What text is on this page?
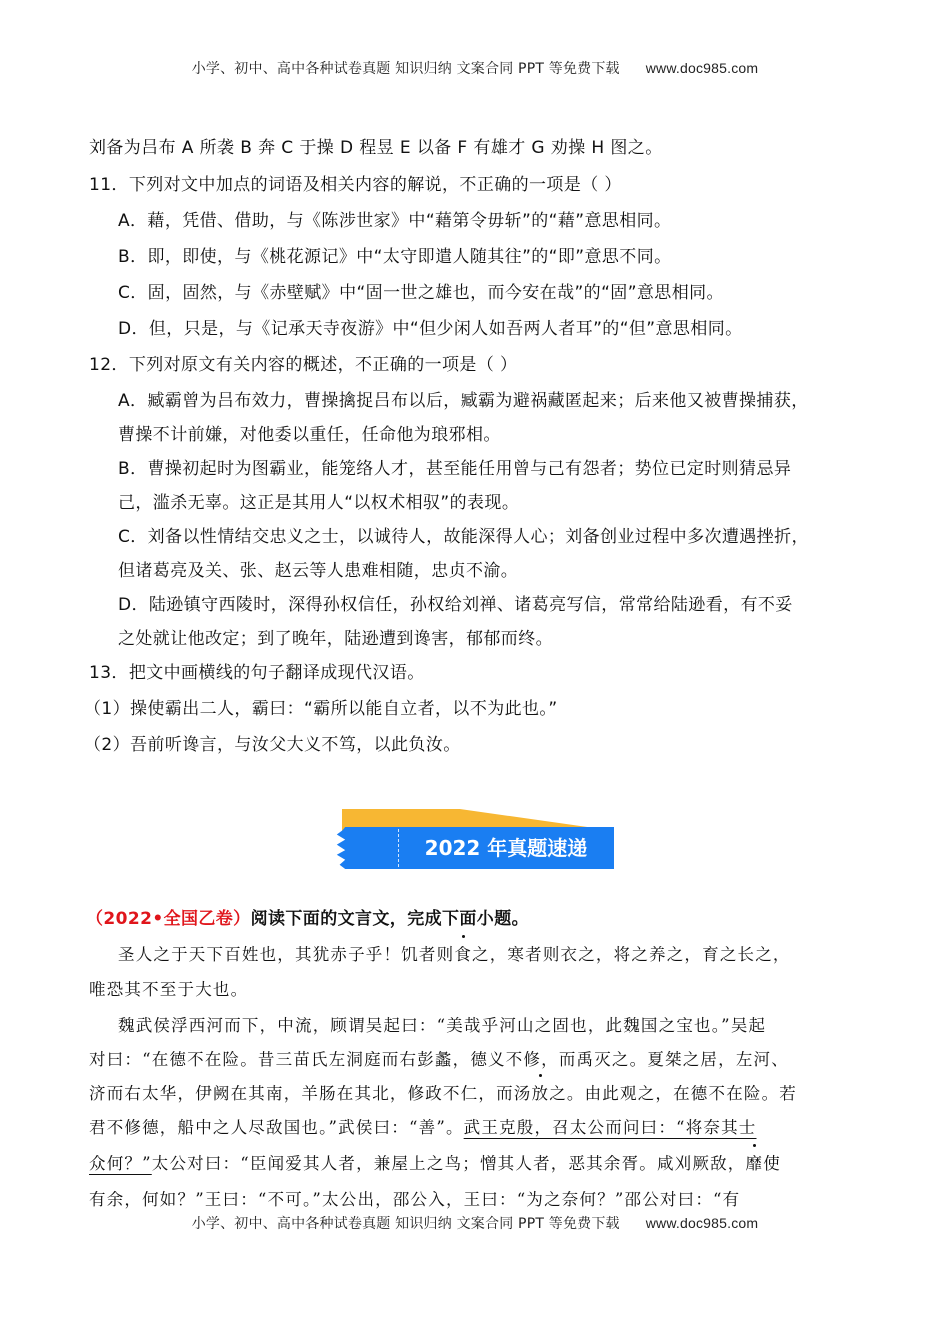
小学、初中、高中各种试卷真题 知识归纳 文案合同 PPT 等免费下载 www.doc985.com
刘备为吕布 A 所袭 B 奔 C 于操 D 程昱 E 以备 F 有雄才 G 劝操 H 图之。
11．下列对文中加点的词语及相关内容的解说，不正确的一项是（ ）
A．藉，凭借、借助，与《陈涉世家》中“藉第令毋斩”的“藉”意思相同。
B．即，即使，与《桃花源记》中“太守即遣人随其往”的“即”意思不同。
C．固，固然，与《赤壁赋》中“固一世之雄也，而今安在哉”的“固”意思相同。
D．但，只是，与《记承天寺夜游》中“但少闲人如吾两人者耳”的“但”意思相同。
12．下列对原文有关内容的概述，不正确的一项是（ ）
A．臧霸曾为吕布效力，曹操擒捉吕布以后，臧霸为避祸藏匿起来；后来他又被曹操捕获，
曹操不计前嫌，对他委以重任，任命他为琅邪相。
B．曹操初起时为图霸业，能笼络人才，甚至能任用曾与己有怨者；势位已定时则猜忌异
己，滥杀无辜。这正是其用人“以权术相驭”的表现。
C．刘备以性情结交忠义之士，以诚待人，故能深得人心；刘备创业过程中多次遭遇挫折，
但诸葛亮及关、张、赵云等人患难相随，忠贞不渝。
D．陆逊镇守西陵时，深得孙权信任，孙权给刘禅、诸葛亮写信，常常给陆逊看，有不妥
之处就让他改定；到了晚年，陆逊遭到谗害，郁郁而终。
13．把文中画横线的句子翻译成现代汉语。
（1）操使霸出二人，霸曰：“霸所以能自立者，以不为此也。”
（2）吾前听谗言，与汝父大义不笃，以此负汝。
2022 年真题速递
（2022•全国乙卷）阅读下面的文言文，完成下面小题。
圣人之于天下百姓也，其犹赤子乎！饥者则食之，寒者则衣之，将之养之，育之长之，
唯恐其不至于大也。
魏武侯浮西河而下，中流，顾谓吴起曰：“美哉乎河山之固也，此魏国之宝也。”吴起
对曰：“在德不在险。昔三苗氏左洞庭而右彭蠡，德义不修，而禹灭之。夏桀之居，左河、
济而右太华，伊阙在其南，羊肠在其北，修政不仁，而汤放之。由此观之，在德不在险。若
君不修德，船中之人尽敌国也。”武侯曰：“善”。武王克殷，召太公而问曰：“将奈其士
众何？”太公对曰：“臣闻爱其人者，兼屋上之鸟；憎其人者，恶其余胥。咸刈厥敌，靡使
有余，何如？”王曰：“不可。”太公出，邵公入，王曰：“为之奈何？”邵公对曰：“有
小学、初中、高中各种试卷真题 知识归纳 文案合同 PPT 等免费下载 www.doc985.com
